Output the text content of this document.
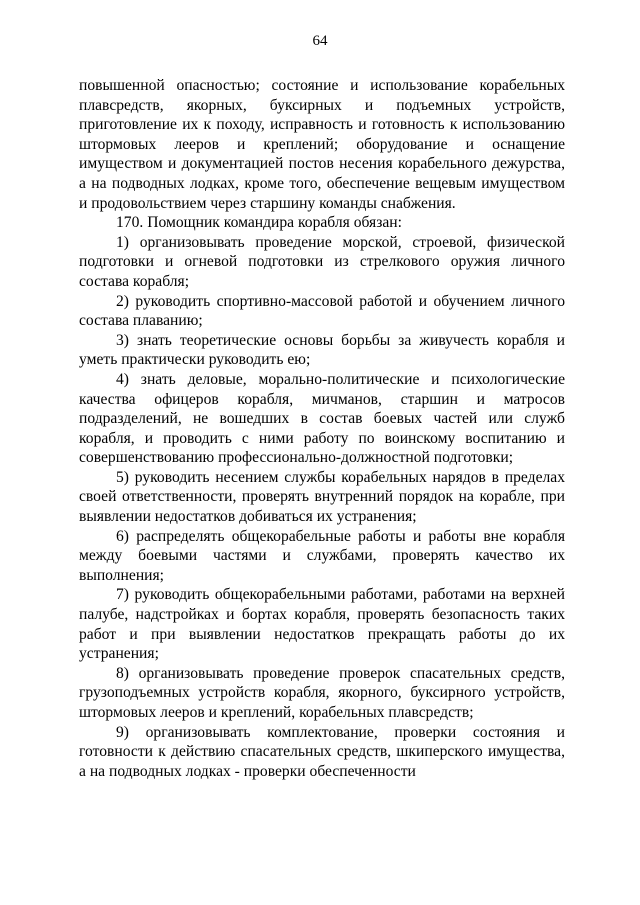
64

повышенной опасностью; состояние и использование корабельных плавсредств, якорных, буксирных и подъемных устройств, приготовление их к походу, исправность и готовность к использованию штормовых лееров и креплений; оборудование и оснащение имуществом и документацией постов несения корабельного дежурства, а на подводных лодках, кроме того, обеспечение вещевым имуществом и продовольствием через старшину команды снабжения.

170. Помощник командира корабля обязан:

1) организовывать проведение морской, строевой, физической подготовки и огневой подготовки из стрелкового оружия личного состава корабля;

2) руководить спортивно-массовой работой и обучением личного состава плаванию;

3) знать теоретические основы борьбы за живучесть корабля и уметь практически руководить ею;

4) знать деловые, морально-политические и психологические качества офицеров корабля, мичманов, старшин и матросов подразделений, не вошедших в состав боевых частей или служб корабля, и проводить с ними работу по воинскому воспитанию и совершенствованию профессионально-должностной подготовки;

5) руководить несением службы корабельных нарядов в пределах своей ответственности, проверять внутренний порядок на корабле, при выявлении недостатков добиваться их устранения;

6) распределять общекорабельные работы и работы вне корабля между боевыми частями и службами, проверять качество их выполнения;

7) руководить общекорабельными работами, работами на верхней палубе, надстройках и бортах корабля, проверять безопасность таких работ и при выявлении недостатков прекращать работы до их устранения;

8) организовывать проведение проверок спасательных средств, грузоподъемных устройств корабля, якорного, буксирного устройств, штормовых лееров и креплений, корабельных плавсредств;

9) организовывать комплектование, проверки состояния и готовности к действию спасательных средств, шкиперского имущества, а на подводных лодках - проверки обеспеченности
